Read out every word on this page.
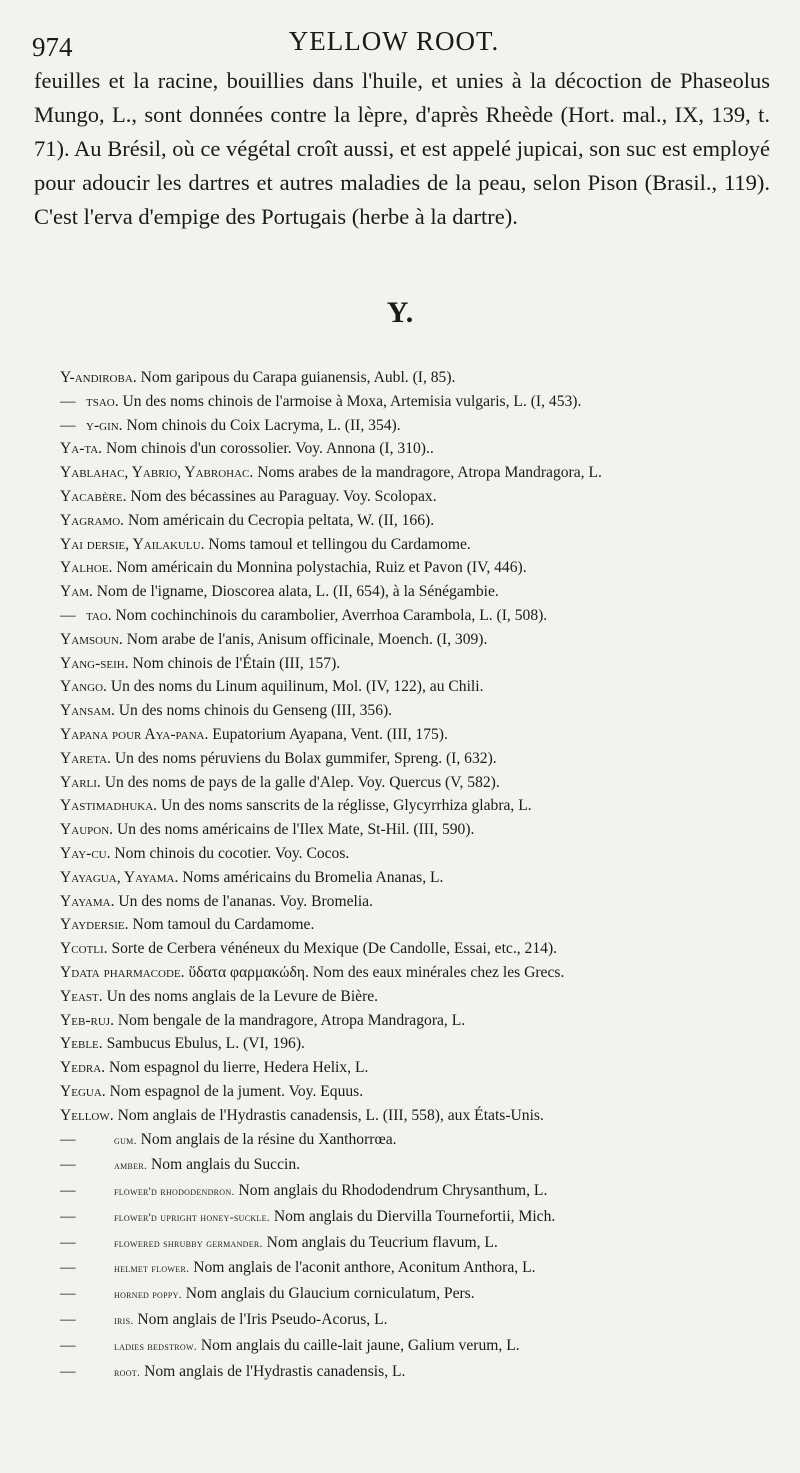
974	YELLOW ROOT.

feuilles et la racine, bouillies dans l'huile, et unies à la décoction de Phaseolus Mungo, L., sont données contre la lèpre, d'après Rheède (Hort. mal., IX, 139, t. 71). Au Brésil, où ce végétal croît aussi, et est appelé jupicai, son suc est employé pour adoucir les dartres et autres maladies de la peau, selon Pison (Brasil., 119). C'est l'erva d'empige des Portugais (herbe à la dartre).

Y.
Y-andiroba. Nom garipous du Carapa guianensis, Aubl. (I, 85).
— tsao. Un des noms chinois de l'armoise à Moxa, Artemisia vulgaris, L. (I, 453).
— y-gin. Nom chinois du Coix Lacryma, L. (II, 354).
Ya-ta. Nom chinois d'un corossolier. Voy. Annona (I, 310)..
Yablahac, Yabrio, Yabrohac. Noms arabes de la mandragore, Atropa Mandragora, L.
Yacabère. Nom des bécassines au Paraguay. Voy. Scolopax.
Yagramo. Nom américain du Cecropia peltata, W. (II, 166).
Yai dersie, Yailakulu. Noms tamoul et tellingou du Cardamome.
Yalhoe. Nom américain du Monnina polystachia, Ruiz et Pavon (IV, 446).
Yam. Nom de l'igname, Dioscorea alata, L. (II, 654), à la Sénégambie.
— tao. Nom cochinchinois du carambolier, Averrhoa Carambola, L. (I, 508).
Yamsoun. Nom arabe de l'anis, Anisum officinale, Moench. (I, 309).
Yang-seih. Nom chinois de l'Étain (III, 157).
Yango. Un des noms du Linum aquilinum, Mol. (IV, 122), au Chili.
Yansam. Un des noms chinois du Genseng (III, 356).
Yapana pour Aya-pana. Eupatorium Ayapana, Vent. (III, 175).
Yareta. Un des noms péruviens du Bolax gummifer, Spreng. (I, 632).
Yarli. Un des noms de pays de la galle d'Alep. Voy. Quercus (V, 582).
Yastimadhuka. Un des noms sanscrits de la réglisse, Glycyrrhiza glabra, L.
Yaupon. Un des noms américains de l'Ilex Mate, St-Hil. (III, 590).
Yay-cu. Nom chinois du cocotier. Voy. Cocos.
Yayagua, Yayama. Noms américains du Bromelia Ananas, L.
Yayama. Un des noms de l'ananas. Voy. Bromelia.
Yaydersie. Nom tamoul du Cardamome.
Ycotli. Sorte de Cerbera vénéneux du Mexique (De Candolle, Essai, etc., 214).
Ydata pharmacode. ὕδατα φαρμακώδη. Nom des eaux minérales chez les Grecs.
Yeast. Un des noms anglais de la Levure de Bière.
Yeb-ruj. Nom bengale de la mandragore, Atropa Mandragora, L.
Yeble. Sambucus Ebulus, L. (VI, 196).
Yedra. Nom espagnol du lierre, Hedera Helix, L.
Yegua. Nom espagnol de la jument. Voy. Equus.
Yellow. Nom anglais de l'Hydrastis canadensis, L. (III, 558), aux États-Unis.
—	gum. Nom anglais de la résine du Xanthorrœa.
—	amber. Nom anglais du Succin.
—	flower'd rhododendron. Nom anglais du Rhododendrum Chrysanthum, L.
—	flower'd upright honey-suckle. Nom anglais du Diervilla Tournefortii, Mich.
—	flowered shrubby germander. Nom anglais du Teucrium flavum, L.
—	helmet flower. Nom anglais de l'aconit anthore, Aconitum Anthora, L.
—	horned poppy. Nom anglais du Glaucium corniculatum, Pers.
—	iris. Nom anglais de l'Iris Pseudo-Acorus, L.
—	ladies bedstrow. Nom anglais du caille-lait jaune, Galium verum, L.
—	root. Nom anglais de l'Hydrastis canadensis, L.
